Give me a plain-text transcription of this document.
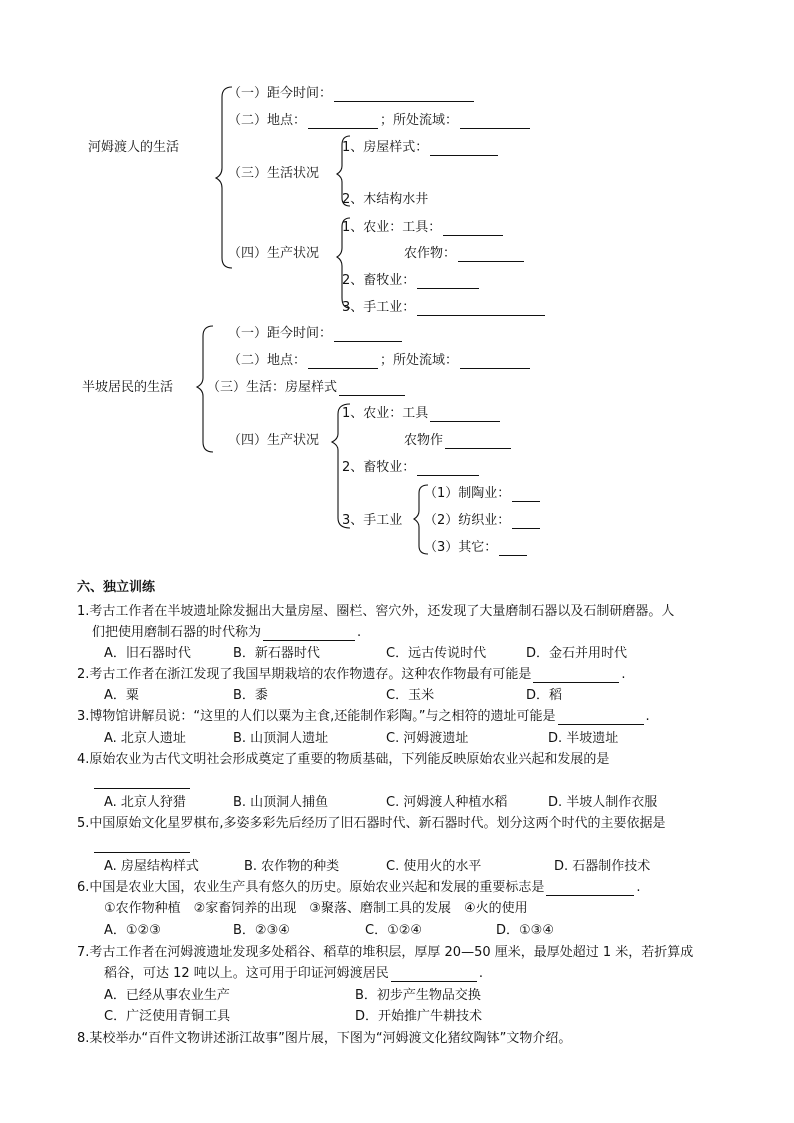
河姆渡人的生活
（一）距今时间：
（二）地点：	；所处流域：
（三）生活状况
1、房屋样式：
2、木结构水井
（四）生产状况
1、农业：工具：
农作物：
2、畜牧业：
3、手工业：
半坡居民的生活
（一）距今时间：
（二）地点：	；所处流域：
（三）生活：房屋样式
（四）生产状况
1、农业：工具
农物作
2、畜牧业：
3、手工业
（1）制陶业：
（2）纺织业：
（3）其它：
六、独立训练
1.考古工作者在半坡遗址除发掘出大量房屋、圈栏、窖穴外，还发现了大量磨制石器以及石制研磨器。人
们把使用磨制石器的时代称为	.
A．旧石器时代	B．新石器时代	C．远古传说时代	D．金石并用时代
2.考古工作者在浙江发现了我国早期栽培的农作物遗存。这种农作物最有可能是	.
A．粟	B．黍	C．玉米	D．稻
3.博物馆讲解员说：“这里的人们以粟为主食,还能制作彩陶。”与之相符的遗址可能是	.
A. 北京人遗址	B. 山顶洞人遗址	C. 河姆渡遗址	D. 半坡遗址
4.原始农业为古代文明社会形成奠定了重要的物质基础，下列能反映原始农业兴起和发展的是
A. 北京人狩猎	B. 山顶洞人捕鱼	C. 河姆渡人种植水稻	D. 半坡人制作衣服
5.中国原始文化星罗棋布,多姿多彩先后经历了旧石器时代、新石器时代。划分这两个时代的主要依据是
A. 房屋结构样式	B. 农作物的种类	C. 使用火的水平	D. 石器制作技术
6.中国是农业大国，农业生产具有悠久的历史。原始农业兴起和发展的重要标志是	.
①农作物种植　②家畜饲养的出现　③聚落、磨制工具的发展　④火的使用
A．①②③	B．②③④	C．①②④	D．①③④
7.考古工作者在河姆渡遗址发现多处稻谷、稻草的堆积层，厚厚 20—50 厘米，最厚处超过 1 米，若折算成
稻谷，可达 12 吨以上。这可用于印证河姆渡居民	.
A．已经从事农业生产	B．初步产生物品交换
C．广泛使用青铜工具	D．开始推广牛耕技术
8.某校举办“百件文物讲述浙江故事”图片展，下图为“河姆渡文化猪纹陶钵”文物介绍。
